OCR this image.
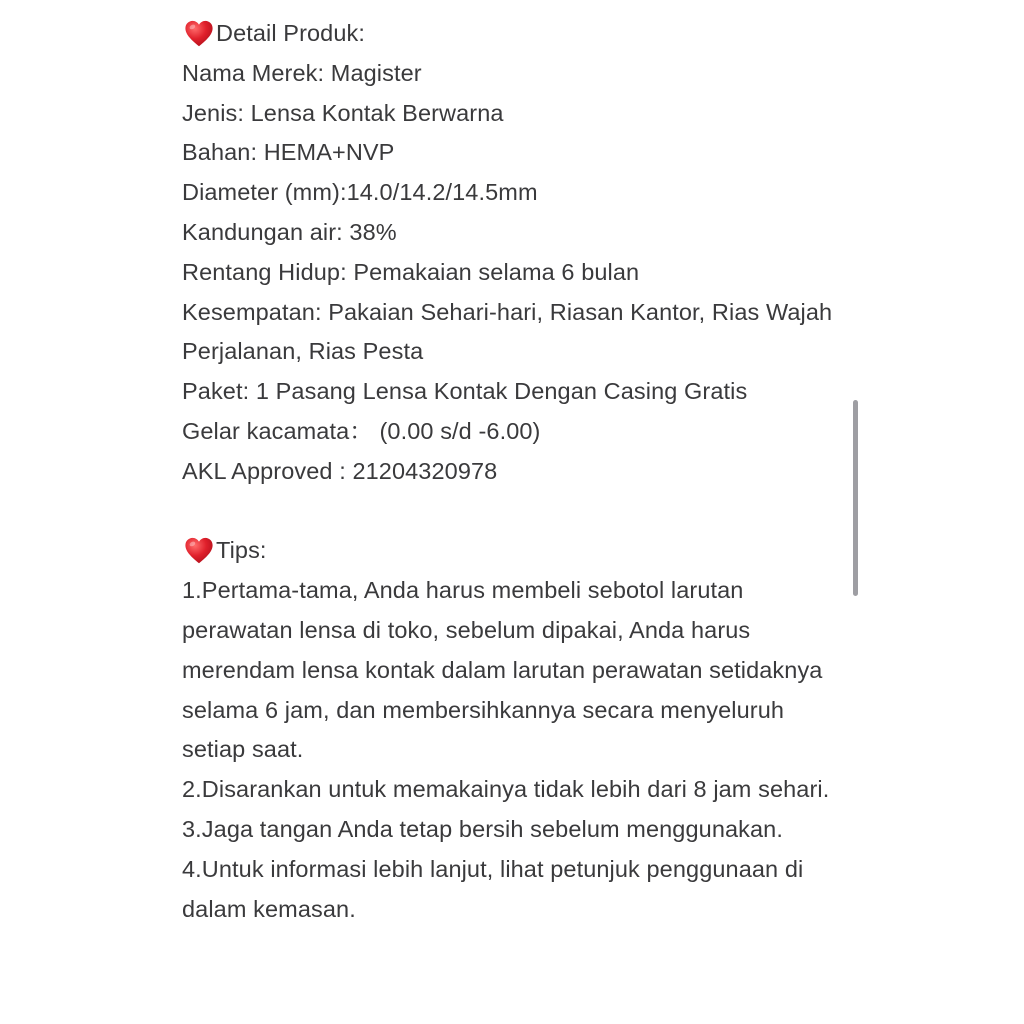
Detail Produk:
Nama Merek: Magister
Jenis: Lensa Kontak Berwarna
Bahan: HEMA+NVP
Diameter (mm):14.0/14.2/14.5mm
Kandungan air: 38%
Rentang Hidup: Pemakaian selama 6 bulan
Kesempatan: Pakaian Sehari-hari, Riasan Kantor, Rias Wajah Perjalanan, Rias Pesta
Paket: 1 Pasang Lensa Kontak Dengan Casing Gratis
Gelar kacamata： (0.00 s/d -6.00)
AKL Approved : 21204320978
Tips:
1.Pertama-tama, Anda harus membeli sebotol larutan perawatan lensa di toko, sebelum dipakai, Anda harus merendam lensa kontak dalam larutan perawatan setidaknya selama 6 jam, dan membersihkannya secara menyeluruh setiap saat.
2.Disarankan untuk memakainya tidak lebih dari 8 jam sehari.
3.Jaga tangan Anda tetap bersih sebelum menggunakan.
4.Untuk informasi lebih lanjut, lihat petunjuk penggunaan di dalam kemasan.
